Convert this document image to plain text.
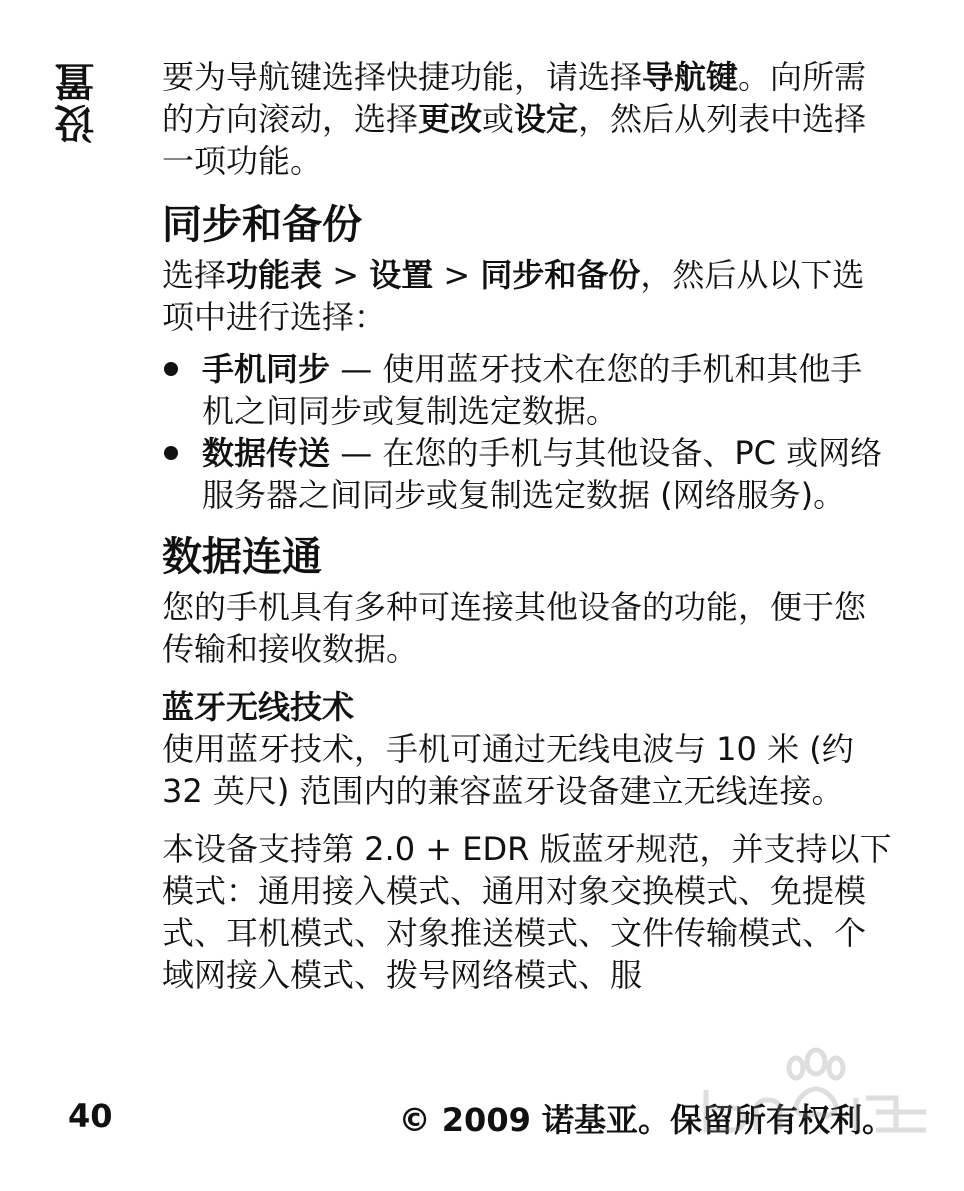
设置 要为导航键选择快捷功能，请选择导航键。向所需的方向滚动，选择更改或设定，然后从列表中选择一项功能。

同步和备份

选择功能表 > 设置 > 同步和备份，然后从以下选项中进行选择：

手机同步 — 使用蓝牙技术在您的手机和其他手机之间同步或复制选定数据。
数据传送 — 在您的手机与其他设备、PC 或网络服务器之间同步或复制选定数据 (网络服务)。
数据连通

您的手机具有多种可连接其他设备的功能，便于您传输和接收数据。

蓝牙无线技术

使用蓝牙技术，手机可通过无线电波与 10 米 (约 32 英尺) 范围内的兼容蓝牙设备建立无线连接。

本设备支持第 2.0 + EDR 版蓝牙规范，并支持以下模式：通用接入模式、通用对象交换模式、免提模式、耳机模式、对象推送模式、文件传输模式、个域网接入模式、拨号网络模式、服

40	© 2009 诺基亚。保留所有权利。
